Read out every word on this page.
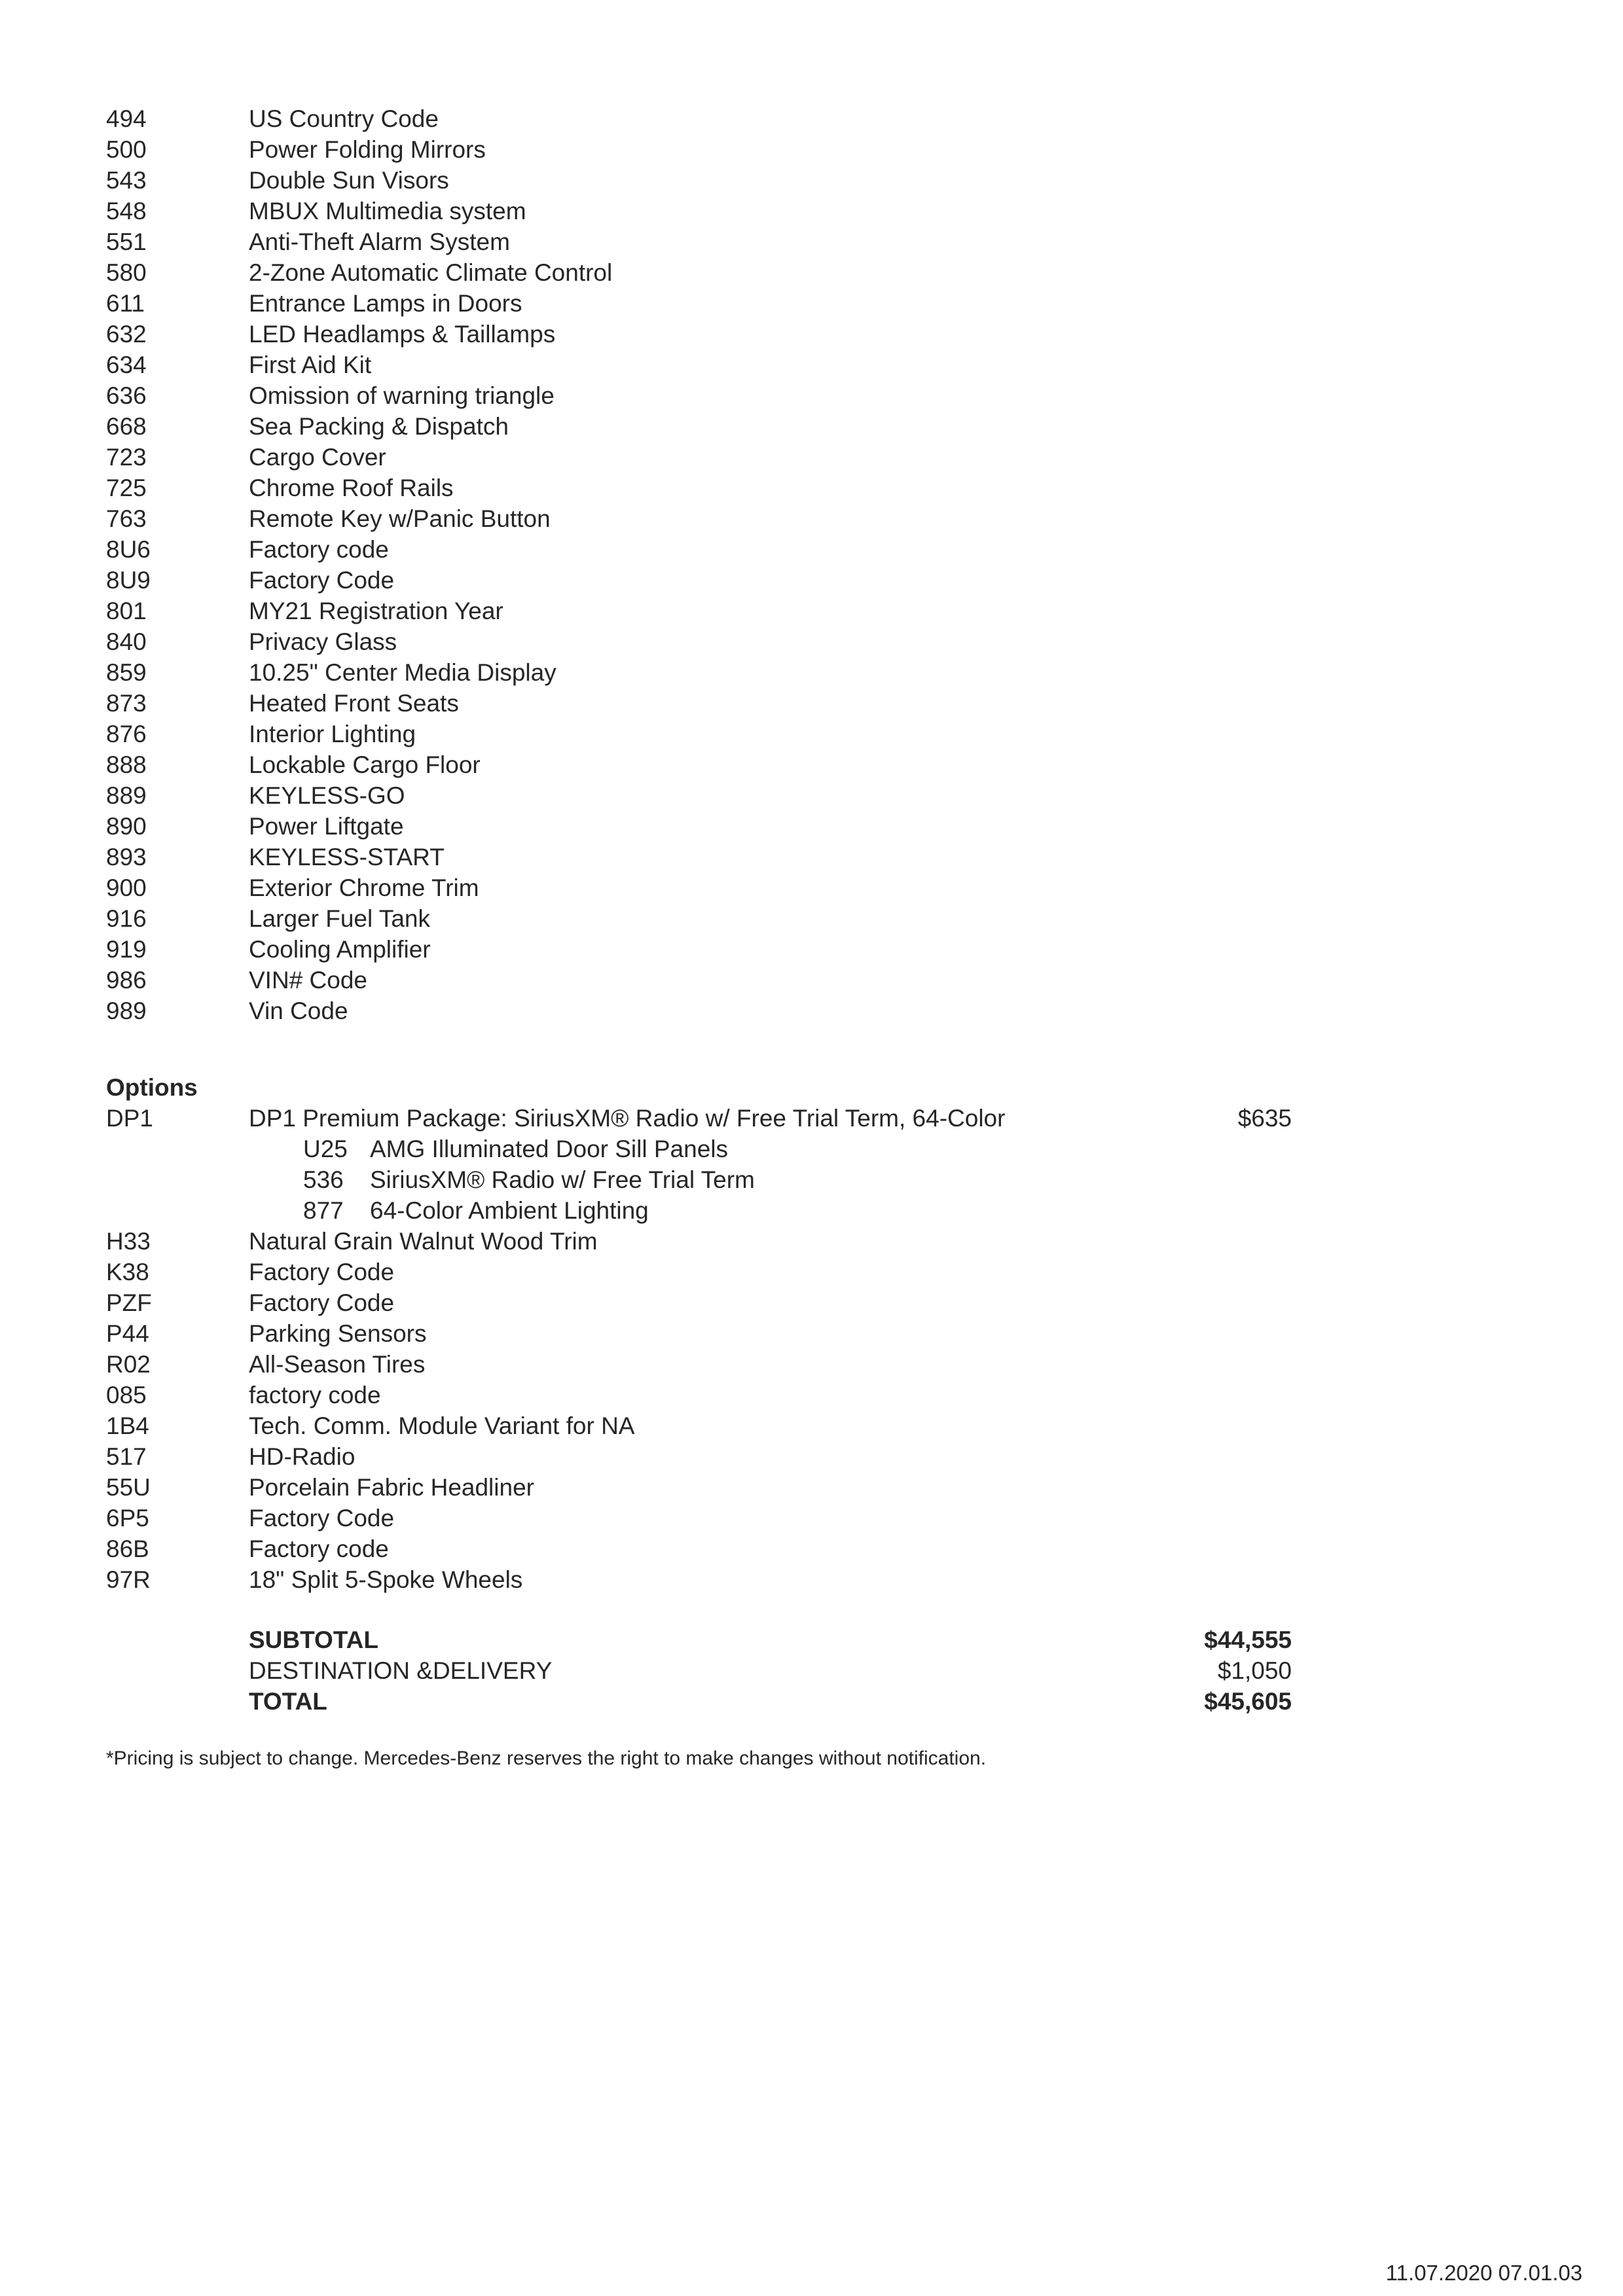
494	US Country Code
500	Power Folding Mirrors
543	Double Sun Visors
548	MBUX Multimedia system
551	Anti-Theft Alarm System
580	2-Zone Automatic Climate Control
611	Entrance Lamps in Doors
632	LED Headlamps & Taillamps
634	First Aid Kit
636	Omission of warning triangle
668	Sea Packing & Dispatch
723	Cargo Cover
725	Chrome Roof Rails
763	Remote Key w/Panic Button
8U6	Factory code
8U9	Factory Code
801	MY21 Registration Year
840	Privacy Glass
859	10.25" Center Media Display
873	Heated Front Seats
876	Interior Lighting
888	Lockable Cargo Floor
889	KEYLESS-GO
890	Power Liftgate
893	KEYLESS-START
900	Exterior Chrome Trim
916	Larger Fuel Tank
919	Cooling Amplifier
986	VIN# Code
989	Vin Code
Options
DP1	DP1 Premium Package: SiriusXM® Radio w/ Free Trial Term, 64-Color	$635
U25 AMG Illuminated Door Sill Panels
536	SiriusXM® Radio w/ Free Trial Term
877	64-Color Ambient Lighting
H33	Natural Grain Walnut Wood Trim
K38	Factory Code
PZF	Factory Code
P44	Parking Sensors
R02	All-Season Tires
085	factory code
1B4	Tech. Comm. Module Variant for NA
517	HD-Radio
55U	Porcelain Fabric Headliner
6P5	Factory Code
86B	Factory code
97R	18" Split 5-Spoke Wheels
SUBTOTAL	$44,555
DESTINATION &DELIVERY	$1,050
TOTAL	$45,605
*Pricing is subject to change. Mercedes-Benz reserves the right to make changes without notification.
11.07.2020 07.01.03
